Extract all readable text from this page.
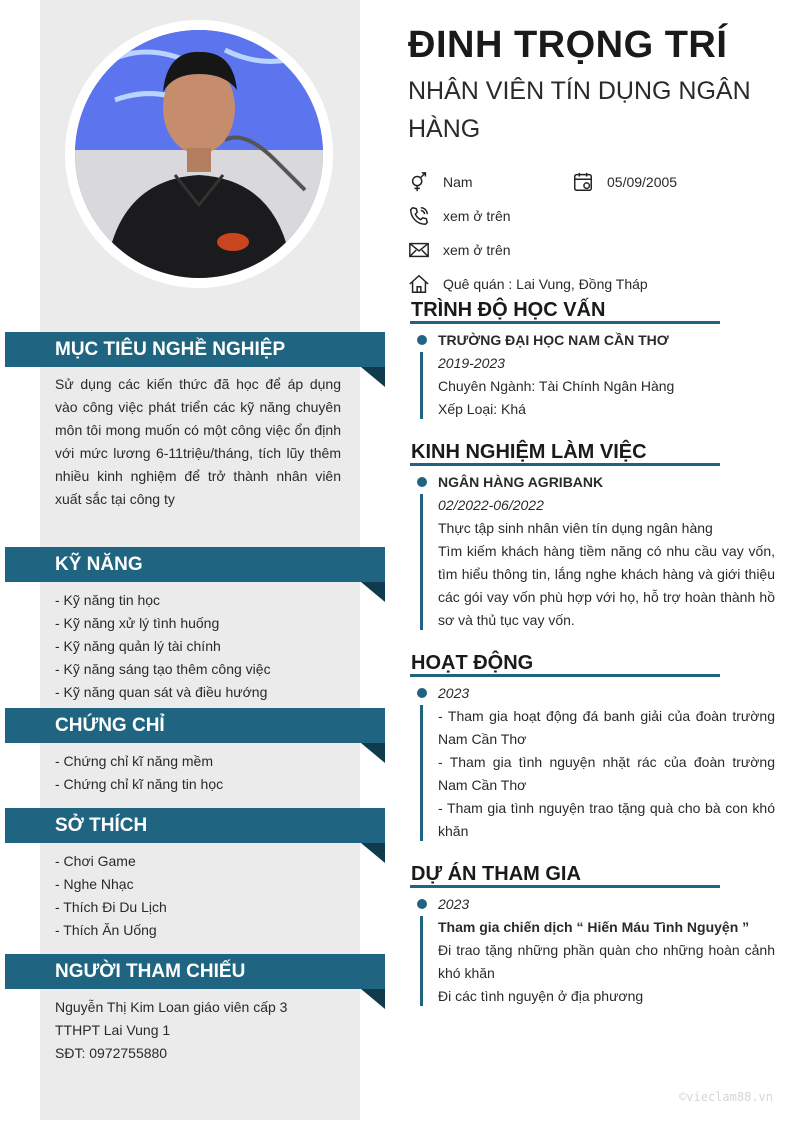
MỤC TIÊU NGHỀ NGHIỆP
Sử dụng các kiến thức đã học để áp dụng vào công việc phát triển các kỹ năng chuyên môn tôi mong muốn có một công việc ổn định với mức lương 6-11triệu/tháng, tích lũy thêm nhiều kinh nghiệm để trở thành nhân viên xuất sắc tại công ty
KỸ NĂNG
- Kỹ năng tin học
- Kỹ năng xử lý tình huống
- Kỹ năng quản lý tài chính
- Kỹ năng sáng tạo thêm công việc
- Kỹ năng quan sát và điều hướng
CHỨNG CHỈ
- Chứng chỉ kĩ năng mềm
- Chứng chỉ kĩ năng tin học
SỞ THÍCH
- Chơi Game
- Nghe Nhạc
- Thích Đi Du Lịch
- Thích Ăn Uống
NGƯỜI THAM CHIẾU
Nguyễn Thị Kim Loan giáo viên cấp 3
TTHPT Lai Vung 1
SĐT: 0972755880
ĐINH TRỌNG TRÍ
NHÂN VIÊN TÍN DỤNG NGÂN HÀNG
Nam	05/09/2005
xem ở trên
xem ở trên
Quê quán : Lai Vung, Đồng Tháp
TRÌNH ĐỘ HỌC VẤN
TRƯỜNG ĐẠI HỌC NAM CẦN THƠ
2019-2023
Chuyên Ngành: Tài Chính Ngân Hàng
Xếp Loại: Khá
KINH NGHIỆM LÀM VIỆC
NGÂN HÀNG AGRIBANK
02/2022-06/2022
Thực tập sinh nhân viên tín dụng ngân hàng
Tìm kiếm khách hàng tiềm năng có nhu cầu vay vốn, tìm hiểu thông tin, lắng nghe khách hàng và giới thiệu các gói vay vốn phù hợp với họ, hỗ trợ hoàn thành hồ sơ và thủ tục vay vốn.
HOẠT ĐỘNG
2023
- Tham gia hoạt động đá banh giải của đoàn trường Nam Cần Thơ
- Tham gia tình nguyện nhặt rác của đoàn trường Nam Cần Thơ
- Tham gia tình nguyện trao tặng quà cho bà con khó khăn
DỰ ÁN THAM GIA
2023
Tham gia chiến dịch “ Hiến Máu Tình Nguyện ”
Đi trao tặng những phần quàn cho những hoàn cảnh khó khăn
Đi các tình nguyện ở địa phương
©vieclam88.vn
